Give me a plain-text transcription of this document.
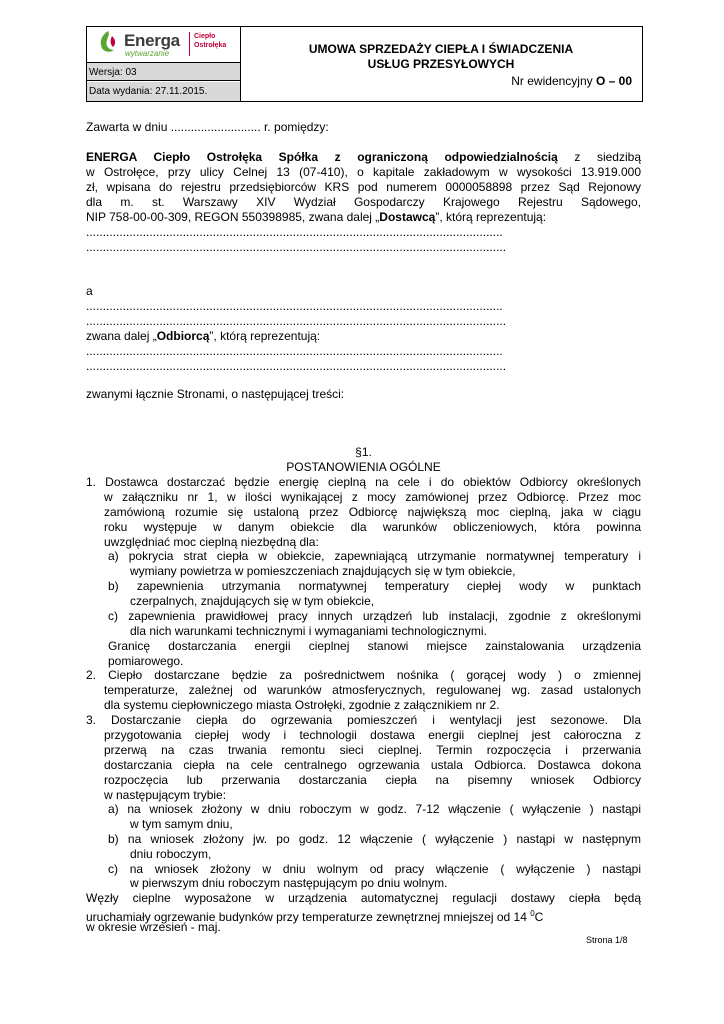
Energa
wytwarzanie
Ciepło
Ostrołęka
Wersja: 03
Data wydania: 27.11.2015.
UMOWA SPRZEDAŻY CIEPŁA I ŚWIADCZENIA
USŁUG PRZESYŁOWYCH
Nr ewidencyjny O – 00
Zawarta w dniu ........................... r. pomiędzy:
ENERGA Ciepło Ostrołęka Spółka z ograniczoną odpowiedzialnością z siedzibą
w Ostrołęce, przy ulicy Celnej 13 (07-410), o kapitale zakładowym w wysokości 13.919.000
zł, wpisana do rejestru przedsiębiorców KRS pod numerem 0000058898 przez Sąd Rejonowy
dla m. st. Warszawy XIV Wydział Gospodarczy Krajowego Rejestru Sądowego,
NIP 758-00-00-309, REGON 550398985, zwana dalej „Dostawcą”, którą reprezentują:
.............................................................................................................................
..............................................................................................................................
a
.............................................................................................................................
..............................................................................................................................
zwana dalej „Odbiorcą”, którą reprezentują:
.............................................................................................................................
..............................................................................................................................
zwanymi łącznie Stronami, o następującej treści:
§1.
POSTANOWIENIA OGÓLNE
1. Dostawca dostarczać będzie energię cieplną na cele i do obiektów Odbiorcy określonych
w załączniku nr 1, w ilości wynikającej z mocy zamówionej przez Odbiorcę. Przez moc
zamówioną rozumie się ustaloną przez Odbiorcę największą moc cieplną, jaka w ciągu
roku występuje w danym obiekcie dla warunków obliczeniowych, która powinna
uwzględniać moc cieplną niezbędną dla:
a) pokrycia strat ciepła w obiekcie, zapewniającą utrzymanie normatywnej temperatury i
wymiany powietrza w pomieszczeniach znajdujących się w tym obiekcie,
b) zapewnienia utrzymania normatywnej temperatury ciepłej wody w punktach
czerpalnych, znajdujących się w tym obiekcie,
c) zapewnienia prawidłowej pracy innych urządzeń lub instalacji, zgodnie z określonymi
dla nich warunkami technicznymi i wymaganiami technologicznymi.
Granicę dostarczania energii cieplnej stanowi miejsce zainstalowania urządzenia
pomiarowego.
2. Ciepło dostarczane będzie za pośrednictwem nośnika ( gorącej wody ) o zmiennej
temperaturze, zależnej od warunków atmosferycznych, regulowanej wg. zasad ustalonych
dla systemu ciepłowniczego miasta Ostrołęki, zgodnie z załącznikiem nr 2.
3. Dostarczanie ciepła do ogrzewania pomieszczeń i wentylacji jest sezonowe. Dla
przygotowania ciepłej wody i technologii dostawa energii cieplnej jest całoroczna z
przerwą na czas trwania remontu sieci cieplnej. Termin rozpoczęcia i przerwania
dostarczania ciepła na cele centralnego ogrzewania ustala Odbiorca. Dostawca dokona
rozpoczęcia lub przerwania dostarczania ciepła na pisemny wniosek Odbiorcy
w następującym trybie:
a) na wniosek złożony w dniu roboczym w godz. 7-12 włączenie ( wyłączenie ) nastąpi
w tym samym dniu,
b) na wniosek złożony jw. po godz. 12 włączenie ( wyłączenie ) nastąpi w następnym
dniu roboczym,
c) na wniosek złożony w dniu wolnym od pracy włączenie ( wyłączenie ) nastąpi
w pierwszym dniu roboczym następującym po dniu wolnym.
Węzły cieplne wyposażone w urządzenia automatycznej regulacji dostawy ciepła będą
uruchamiały ogrzewanie budynków przy temperaturze zewnętrznej mniejszej od 14 $^0$C
w okresie wrzesień - maj.
Strona 1/8
